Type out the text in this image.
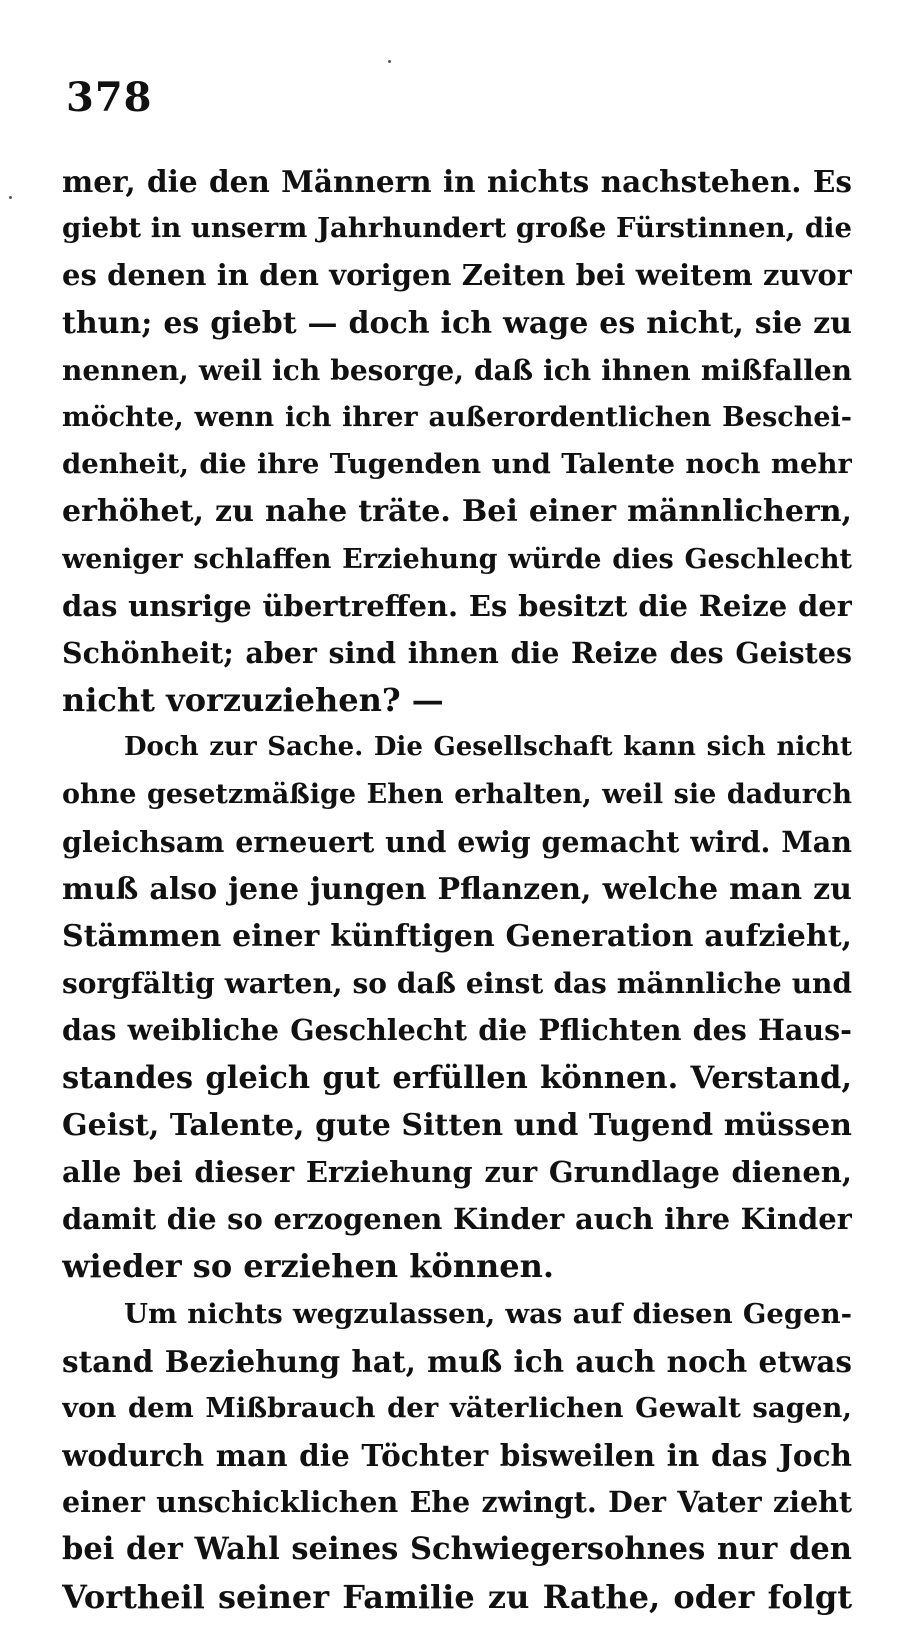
378
mer, die den Männern in nichts nachstehen. Es
giebt in unserm Jahrhundert große Fürstinnen, die
es denen in den vorigen Zeiten bei weitem zuvor
thun; es giebt — doch ich wage es nicht, sie zu
nennen, weil ich besorge, daß ich ihnen mißfallen
möchte, wenn ich ihrer außerordentlichen Beschei-
denheit, die ihre Tugenden und Talente noch mehr
erhöhet, zu nahe träte. Bei einer männlichern,
weniger schlaffen Erziehung würde dies Geschlecht
das unsrige übertreffen. Es besitzt die Reize der
Schönheit; aber sind ihnen die Reize des Geistes
nicht vorzuziehen? —
Doch zur Sache. Die Gesellschaft kann sich nicht
ohne gesetzmäßige Ehen erhalten, weil sie dadurch
gleichsam erneuert und ewig gemacht wird. Man
muß also jene jungen Pflanzen, welche man zu
Stämmen einer künftigen Generation aufzieht,
sorgfältig warten, so daß einst das männliche und
das weibliche Geschlecht die Pflichten des Haus-
standes gleich gut erfüllen können. Verstand,
Geist, Talente, gute Sitten und Tugend müssen
alle bei dieser Erziehung zur Grundlage dienen,
damit die so erzogenen Kinder auch ihre Kinder
wieder so erziehen können.
Um nichts wegzulassen, was auf diesen Gegen-
stand Beziehung hat, muß ich auch noch etwas
von dem Mißbrauch der väterlichen Gewalt sagen,
wodurch man die Töchter bisweilen in das Joch
einer unschicklichen Ehe zwingt. Der Vater zieht
bei der Wahl seines Schwiegersohnes nur den
Vortheil seiner Familie zu Rathe, oder folgt
